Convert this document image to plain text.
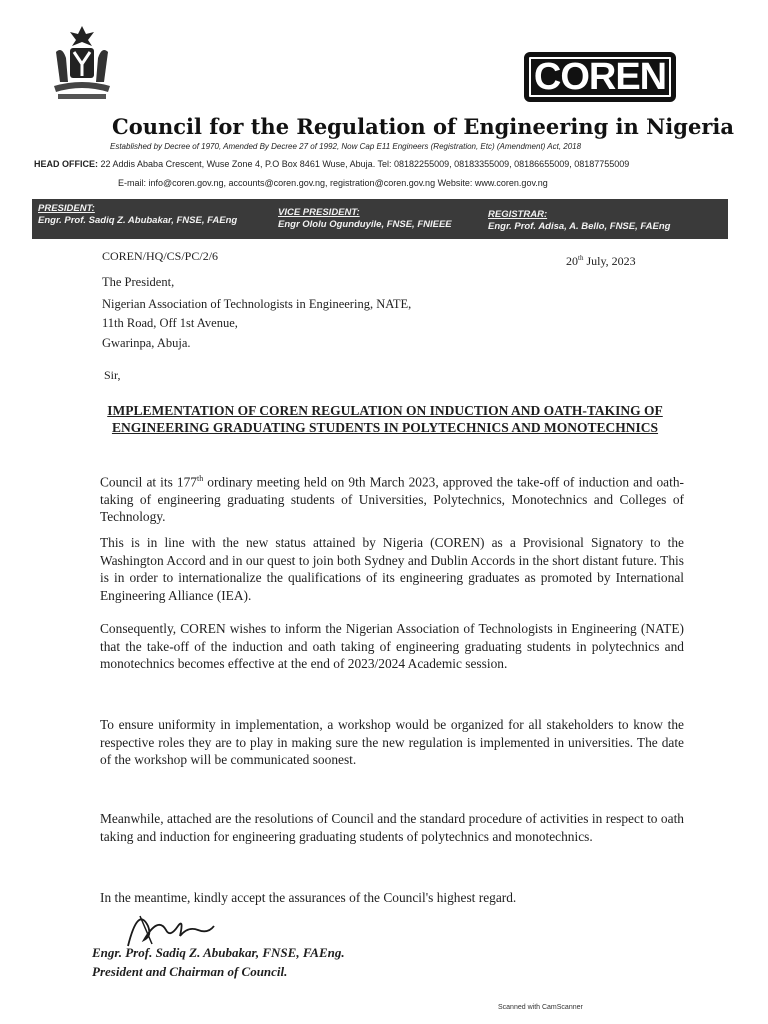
COREN
Council for the Regulation of Engineering in Nigeria
Established by Decree of 1970, Amended By Decree 27 of 1992, Now Cap E11 Engineers (Registration, Etc) (Amendment) Act, 2018
HEAD OFFICE: 22 Addis Ababa Crescent, Wuse Zone 4, P.O Box 8461 Wuse, Abuja. Tel: 08182255009, 08183355009, 08186655009, 08187755009
E-mail: info@coren.gov.ng, accounts@coren.gov.ng, registration@coren.gov.ng Website: www.coren.gov.ng
PRESIDENT:
Engr. Prof. Sadiq Z. Abubakar, FNSE, FAEng
VICE PRESIDENT:
Engr Ololu Ogunduyile, FNSE, FNIEEE
REGISTRAR:
Engr. Prof. Adisa, A. Bello, FNSE, FAEng
COREN/HQ/CS/PC/2/6	20th July, 2023
The President,
Nigerian Association of Technologists in Engineering, NATE,
11th Road, Off 1st Avenue,
Gwarinpa, Abuja.
Sir,
IMPLEMENTATION OF COREN REGULATION ON INDUCTION AND OATH-TAKING OF ENGINEERING GRADUATING STUDENTS IN POLYTECHNICS AND MONOTECHNICS
Council at its 177th ordinary meeting held on 9th March 2023, approved the take-off of induction and oath-taking of engineering graduating students of Universities, Polytechnics, Monotechnics and Colleges of Technology.
This is in line with the new status attained by Nigeria (COREN) as a Provisional Signatory to the Washington Accord and in our quest to join both Sydney and Dublin Accords in the short distant future. This is in order to internationalize the qualifications of its engineering graduates as promoted by International Engineering Alliance (IEA).
Consequently, COREN wishes to inform the Nigerian Association of Technologists in Engineering (NATE) that the take-off of the induction and oath taking of engineering graduating students in polytechnics and monotechnics becomes effective at the end of 2023/2024 Academic session.
To ensure uniformity in implementation, a workshop would be organized for all stakeholders to know the respective roles they are to play in making sure the new regulation is implemented in universities. The date of the workshop will be communicated soonest.
Meanwhile, attached are the resolutions of Council and the standard procedure of activities in respect to oath taking and induction for engineering graduating students of polytechnics and monotechnics.
In the meantime, kindly accept the assurances of the Council's highest regard.
Engr. Prof. Sadiq Z. Abubakar, FNSE, FAEng.
President and Chairman of Council.
Scanned with CamScanner
